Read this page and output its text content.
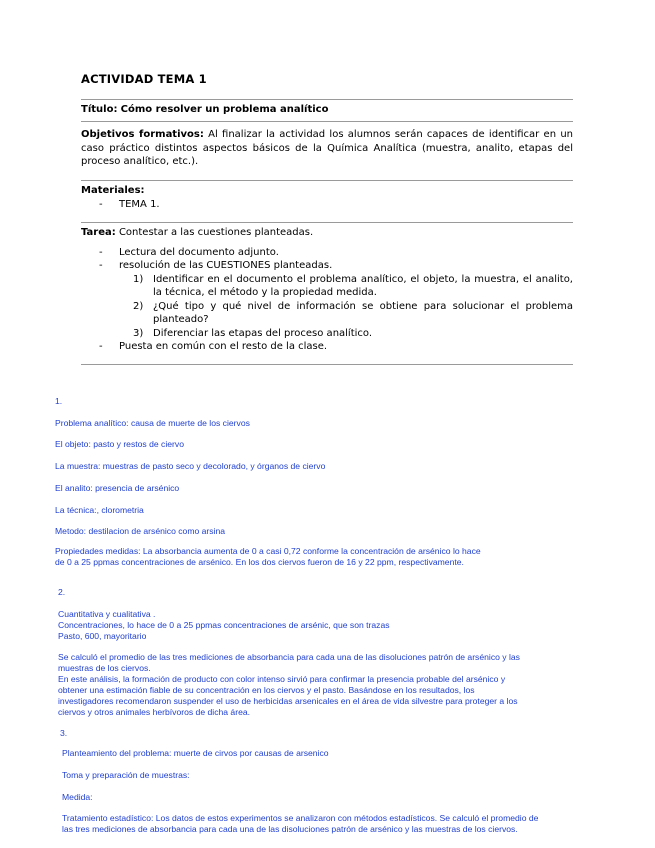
ACTIVIDAD TEMA 1
Título: Cómo resolver un problema analítico
Objetivos formativos: Al finalizar la actividad los alumnos serán capaces de identificar en un caso práctico distintos aspectos básicos de la Química Analítica (muestra, analito, etapas del proceso analítico, etc.).
Materiales:
- TEMA 1.
Tarea: Contestar a las cuestiones planteadas.
- Lectura del documento adjunto.
- resolución de las CUESTIONES planteadas.
1) Identificar en el documento el problema analítico, el objeto, la muestra, el analito, la técnica, el método y la propiedad medida.
2) ¿Qué tipo y qué nivel de información se obtiene para solucionar el problema planteado?
3) Diferenciar las etapas del proceso analítico.
- Puesta en común con el resto de la clase.
1.
Problema analítico: causa de muerte de los ciervos
El objeto: pasto y restos de ciervo
La muestra: muestras de pasto seco y decolorado, y órganos de ciervo
El analito: presencia de arsénico
La técnica:, clorometria
Metodo: destilacion de arsénico como arsina
Propiedades medidas: La absorbancia aumenta de 0 a casi 0,72 conforme la concentración de arsénico lo hace
de 0 a 25 ppmas concentraciones de arsénico. En los dos ciervos fueron de 16 y 22 ppm, respectivamente.
2.
Cuantitativa y cualitativa .
Concentraciones, lo hace de 0 a 25 ppmas concentraciones de arsénic, que son trazas
Pasto, 600, mayoritario
Se calculó el promedio de las tres mediciones de absorbancia para cada una de las disoluciones patrón de arsénico y las
muestras de los ciervos.
En este análisis, la formación de producto con color intenso sirvió para confirmar la presencia probable del arsénico y
obtener una estimación fiable de su concentración en los ciervos y el pasto. Basándose en los resultados, los
investigadores recomendaron suspender el uso de herbicidas arsenicales en el área de vida silvestre para proteger a los
ciervos y otros animales herbívoros de dicha área.
3.
Planteamiento del problema: muerte de cirvos por causas de arsenico
Toma y preparación de muestras:
Medida:
Tratamiento estadístico: Los datos de estos experimentos se analizaron con métodos estadísticos. Se calculó el promedio de
las tres mediciones de absorbancia para cada una de las disoluciones patrón de arsénico y las muestras de los ciervos.
